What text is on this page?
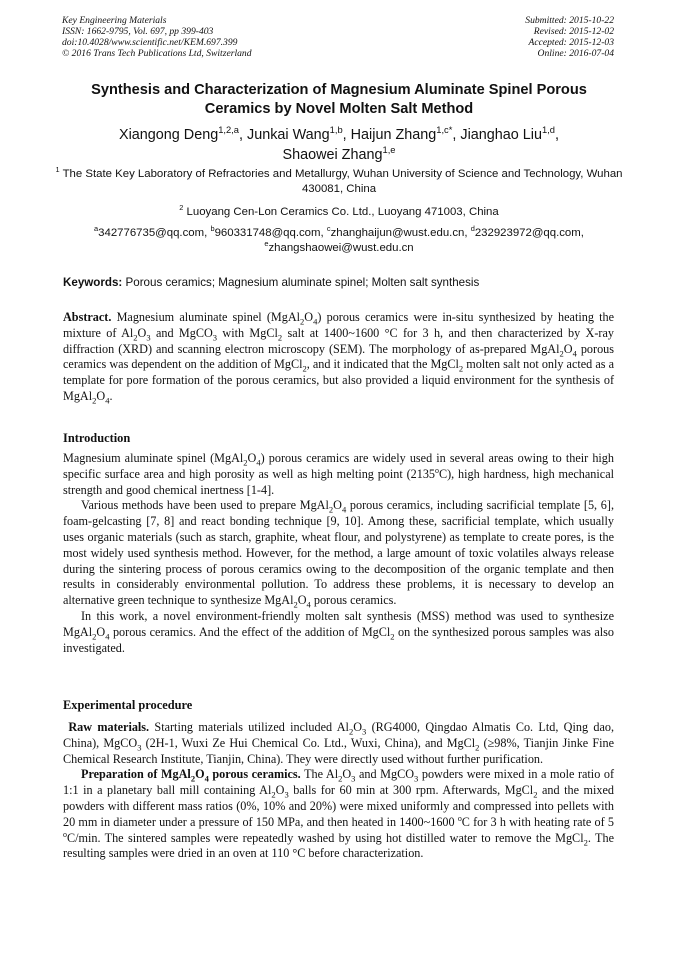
Key Engineering Materials
ISSN: 1662-9795, Vol. 697, pp 399-403
doi:10.4028/www.scientific.net/KEM.697.399
© 2016 Trans Tech Publications Ltd, Switzerland
Submitted: 2015-10-22
Revised: 2015-12-02
Accepted: 2015-12-03
Online: 2016-07-04
Synthesis and Characterization of Magnesium Aluminate Spinel Porous
Ceramics by Novel Molten Salt Method
Xiangong Deng$^{1,2,a}$, Junkai Wang$^{1,b}$, Haijun Zhang$^{1,c*}$, Jianghao Liu$^{1,d}$,
Shaowei Zhang$^{1,e}$
$^1$ The State Key Laboratory of Refractories and Metallurgy, Wuhan University of Science and Technology, Wuhan 430081, China
$^2$ Luoyang Cen-Lon Ceramics Co. Ltd., Luoyang 471003, China
$^a$342776735@qq.com, $^b$960331748@qq.com, $^c$zhanghaijun@wust.edu.cn, $^d$232923972@qq.com,
$^e$zhangshaowei@wust.edu.cn
Keywords: Porous ceramics; Magnesium aluminate spinel; Molten salt synthesis

Abstract. Magnesium aluminate spinel $(MgAl_2O_4)$ porous ceramics were in-situ synthesized by heating the mixture of $Al_2O_3$ and MgCO$_3$ with MgCl$_2$ salt at 1400~1600 °C for 3 h, and then characterized by X-ray diffraction (XRD) and scanning electron microscopy (SEM). The morphology of as-prepared $MgAl_2O_4$ porous ceramics was dependent on the addition of MgCl$_2$, and it indicated that the MgCl$_2$ molten salt not only acted as a template for pore formation of the porous ceramics, but also provided a liquid environment for the synthesis of $MgAl_2O_4$.

Introduction

Magnesium aluminate spinel $(MgAl_2O_4)$ porous ceramics are widely used in several areas owing to their high specific surface area and high porosity as well as high melting point (2135$^o$C), high hardness, high mechanical strength and good chemical inertness [1-4].

Various methods have been used to prepare $MgAl_2O_4$ porous ceramics, including sacrificial template [5, 6], foam-gelcasting [7, 8] and react bonding technique [9, 10]. Among these, sacrificial template, which usually uses organic materials (such as starch, graphite, wheat flour, and polystyrene) as template to create pores, is the most widely used synthesis method. However, for the method, a large amount of toxic volatiles always release during the sintering process of porous ceramics owing to the decomposition of the organic template and then results in considerably environmental pollution. To address these problems, it is necessary to develop an alternative green technique to synthesize $MgAl_2O_4$ porous ceramics.

In this work, a novel environment-friendly molten salt synthesis (MSS) method was used to synthesize $MgAl_2O_4$ porous ceramics. And the effect of the addition of MgCl$_2$ on the synthesized porous samples was also investigated.

Experimental procedure

Raw materials. Starting materials utilized included $Al_2O_3$ (RG4000, Qingdao Almatis Co. Ltd, Qing dao, China), MgCO$_3$ (2H-1, Wuxi Ze Hui Chemical Co. Ltd., Wuxi, China), and MgCl$_2$ (≥98%, Tianjin Jinke Fine Chemical Research Institute, Tianjin, China). They were directly used without further purification.

Preparation of $MgAl_2O_4$ porous ceramics. The $Al_2O_3$ and MgCO$_3$ powders were mixed in a mole ratio of 1:1 in a planetary ball mill containing $Al_2O_3$ balls for 60 min at 300 rpm. Afterwards, MgCl$_2$ and the mixed powders with different mass ratios (0%, 10% and 20%) were mixed uniformly and compressed into pellets with 20 mm in diameter under a pressure of 150 MPa, and then heated in 1400~1600 $^o$C for 3 h with heating rate of 5 $^o$C/min. The sintered samples were repeatedly washed by using hot distilled water to remove the MgCl$_2$. The resulting samples were dried in an oven at 110 °C before characterization.
